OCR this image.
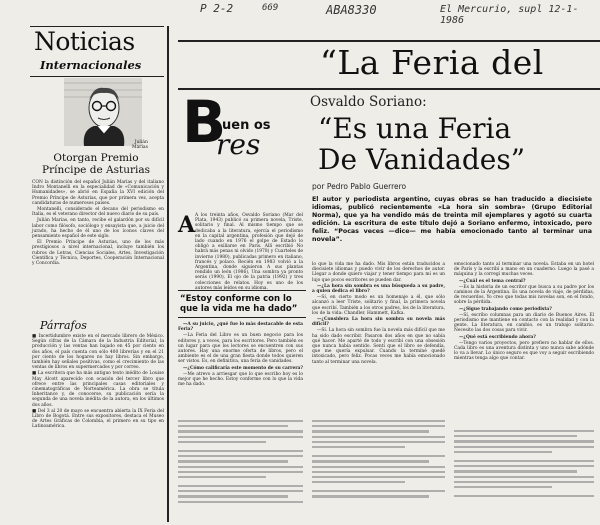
P 2-2	669	ABA8330	El Mercurio, supl 12-1-1986
Noticias
Internacionales
Julián
Marías
Otorgan Premio Príncipe de Asturias

CON la distinción del español Julián Marías y del italiano Indro Montanelli en la especialidad de «Comunicación y Humanidades», se abrió en España la XVI edición del Premio Príncipe de Asturias, que por primera vez, acepta candidaturas de numerosos países.

Montanelli, considerado el decano del periodismo en Italia, es el veterano director del nuevo diario de su país.

Julián Marías, en tanto, recibe el galardón por su difícil labor como filósofo, sociólogo y ensayista que, a juicio del jurado, ha hecho de él uno de los íconos claves del pensamiento español de este siglo.

El Premio Príncipe de Asturias, uno de los más prestigiosos a nivel internacional, incluye también los rubros de Letras, Ciencias Sociales, Artes, Investigación Científica y Técnica, Deportes, Cooperación Internacional y Concordia.

Párrafos

■ Incertidumbre existe en el mercado librero de México. Según cifras de la Cámara de la Industria Editorial, la producción y las ventas han bajado en 45 por ciento en dos años, el país cuenta con sólo 400 librerías y en el 21 por ciento de los hogares no hay libros. Sin embargo, también hay señales positivas, como el crecimiento de las ventas de libros en supermercados y por correo.

■ La escritora que ha más antiguo texto inédito de Louise May Alcott aparecido con ocasión del tercer libro que ofrece entre las principales casas editoriales y cinematográficas de Norteamérica. La obra se titula Inheritance y, de conocerse, su publicación sería la segunda de una novela inédita de la autora, en los últimos dos años.

■ Del 3 al 20 de mayo se encuentra abierta la IX Feria del Libro de Bogotá. Entre sus expositores, destaca el Museo de Artes Gráficas de Colombia, el primero en su tipo en Latinoamérica.

“La Feria del
B
uen os
res
Osvaldo Soriano:
“Es una Feria
De Vanidades”
por Pedro Pablo Guerrero
El autor y periodista argentino, cuyas obras se han traducido a diecisiete idiomas, publicó recientemente «La hora sin sombra» (Grupo Editorial Norma), que ya ha vendido más de treinta mil ejemplares y agotó su cuarta edición. La escritura de este título dejó a Soriano enfermo, intoxicado, pero feliz. “Pocas veces —dice— me había emocionado tanto al terminar una novela”.
A A los treinta años, Osvaldo Soriano (Mar del Plata, 1943) publicó su primera novela, Triste, solitario y final. Al mismo tiempo que se dedicaba a la literatura, ejercía el periodismo en la capital argentina, profesión que dejó de lado cuando en 1976 el golpe de Estado lo obligó a exiliarse en París. Allí escribió No habrá más penas ni olvido (1978) y Cuarteles de invierno (1980), publicadas primero en italiano, francés y polaco. Recién en 1983 volvió a la Argentina, donde siguieron A sus plantas rendido un león (1986), Una sombra ya pronto serás (1990), El ojo de la patria (1992) y tres colecciones de relatos. Hoy es uno de los autores más leídos en su idioma.

“Estoy conforme con lo que la vida me ha dado”

—A su juicio, ¿qué fue lo más destacable de esta Feria?

—La Feria del Libro es un buen negocio para los editores y, a veces, para los escritores. Pero también es un lugar para que los lectores se encuentren con sus autores. Hay una enorme oferta de libros, pero el ambiente es el de una gran fiesta donde todos quieren ser vistos. Es, en definitiva, una feria de vanidades.

—¿Cómo calificaría este momento de su carrera?

—Me atrevo a arriesgar que lo que escribo hoy es lo mejor que he hecho. Estoy conforme con lo que la vida me ha dado.

lo que la vida me ha dado. Mis libros están traducidos a diecisiete idiomas y puedo vivir de los derechos de autor. Llegar a donde quiero viajar y tener tiempo para mí es un lujo que pocos escritores se pueden dar.

—¿La hora sin sombra es una búsqueda a su padre, a quien dedica el libro?

—Sí, en cierto modo es un homenaje a él, que sólo alcanzó a leer Triste, solitario y final, la primera novela que escribí. También a los otros padres, los de la literatura, los de la vida: Chandler, Hammett, Kafka.

—¿Considera La hora sin sombra su novela más difícil?

—Sí. La hora sin sombra fue la novela más difícil que me ha sido dado escribir. Pasaron dos años en que no sabía qué hacer. Me aparté de todo y escribí con una obsesión que nunca había sentido. Sentí que el libro se defendía, que me quería expulsar. Cuando la terminé quedé intoxicado, pero feliz. Pocas veces me había emocionado tanto al terminar una novela.

emocionado tanto al terminar una novela. Estaba en un hotel de París y la escribí a mano en un cuaderno. Luego la pasé a máquina y la corregí muchas veces.

—¿Cuál es el tema central?

—Es la historia de un escritor que busca a su padre por los caminos de la Argentina. Es una novela de viaje, de pérdidas, de recuerdos. Yo creo que todas mis novelas son, en el fondo, sobre la pérdida.

—¿Sigue trabajando como periodista?

—Sí, escribo columnas para un diario de Buenos Aires. El periodismo me mantiene en contacto con la realidad y con la gente. La literatura, en cambio, es un trabajo solitario. Necesito las dos cosas para vivir.

—¿Qué está escribiendo ahora?

—Tengo varios proyectos, pero prefiero no hablar de ellos. Cada libro es una aventura distinta y uno nunca sabe adónde lo va a llevar. Lo único seguro es que voy a seguir escribiendo mientras tenga algo que contar.
